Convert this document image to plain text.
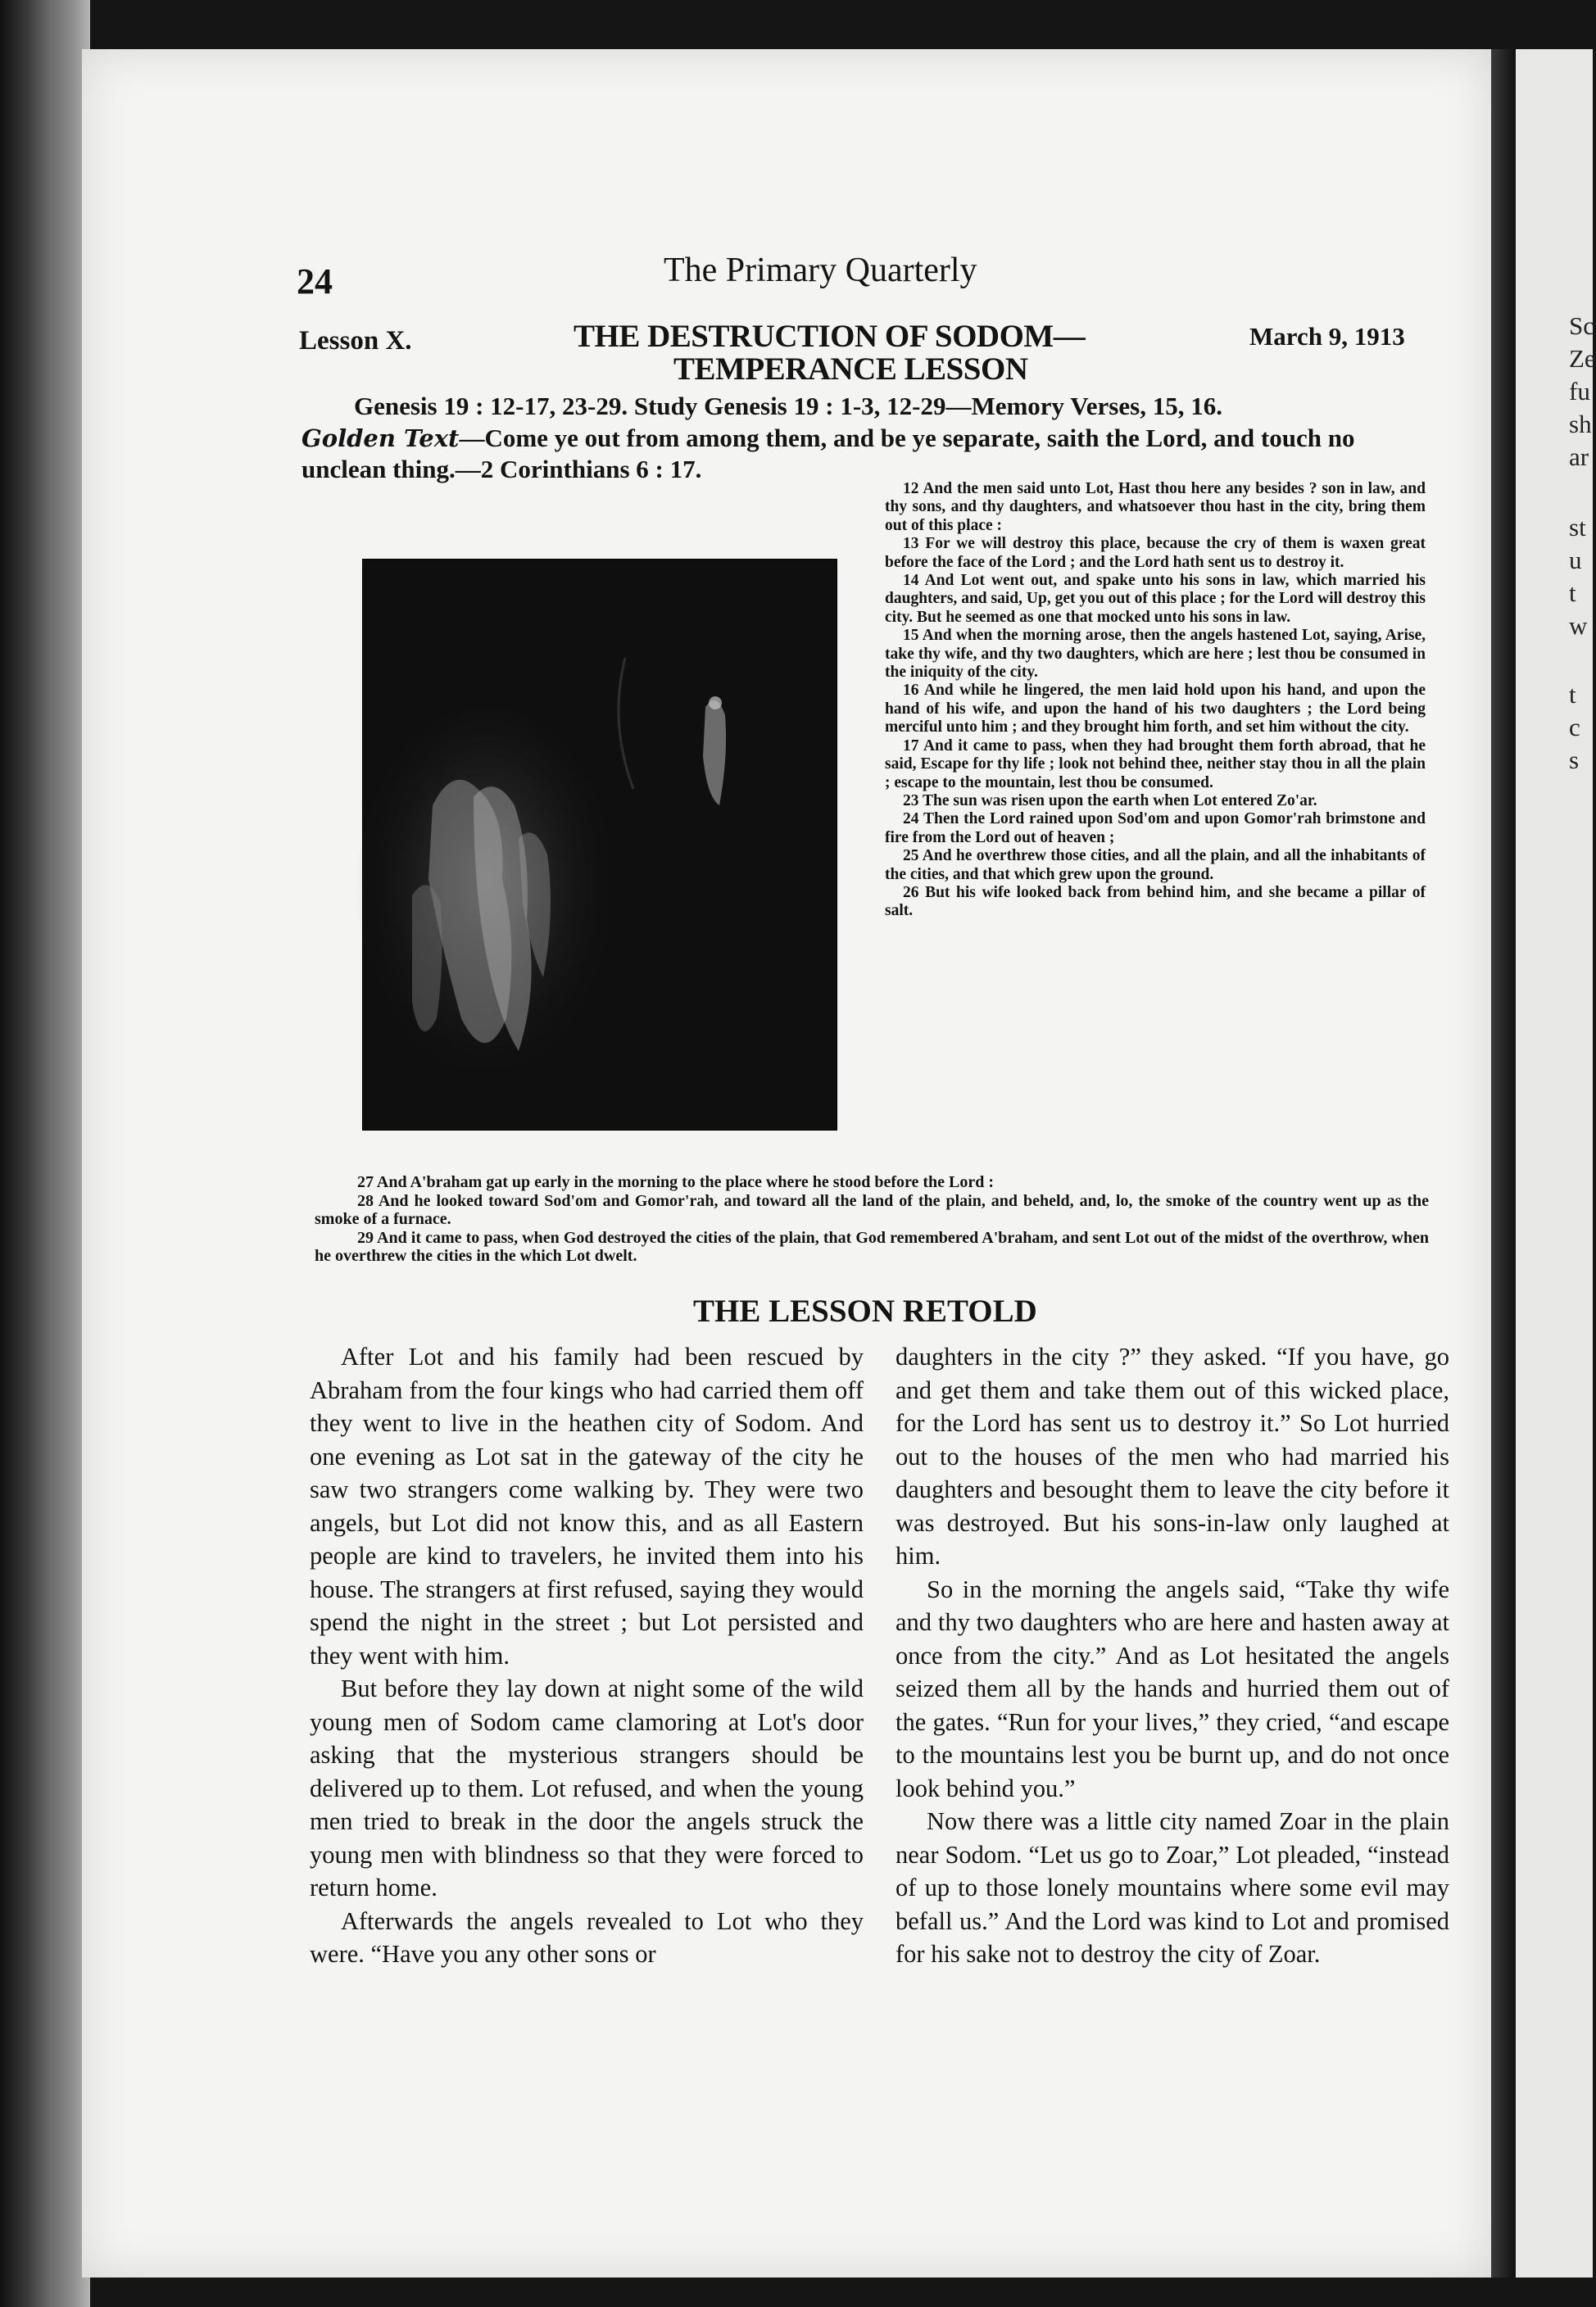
Sc
Ze
fu
sh
ar
st
u
t
w
t
c
s
24	The Primary Quarterly
Lesson X.	THE DESTRUCTION OF SODOM—
TEMPERANCE LESSON
March 9, 1913
Genesis 19 : 12-17, 23-29. Study Genesis 19 : 1-3, 12-29—Memory Verses, 15, 16.
Golden Text—Come ye out from among them, and be ye separate, saith the Lord, and touch no unclean thing.—2 Corinthians 6 : 17.

12 And the men said unto Lot, Hast thou here any besides ? son in law, and thy sons, and thy daughters, and whatsoever thou hast in the city, bring them out of this place :

13 For we will destroy this place, because the cry of them is waxen great before the face of the Lord ; and the Lord hath sent us to destroy it.

14 And Lot went out, and spake unto his sons in law, which married his daughters, and said, Up, get you out of this place ; for the Lord will destroy this city. But he seemed as one that mocked unto his sons in law.

15 And when the morning arose, then the angels hastened Lot, saying, Arise, take thy wife, and thy two daughters, which are here ; lest thou be consumed in the iniquity of the city.

16 And while he lingered, the men laid hold upon his hand, and upon the hand of his wife, and upon the hand of his two daughters ; the Lord being merciful unto him ; and they brought him forth, and set him without the city.

17 And it came to pass, when they had brought them forth abroad, that he said, Escape for thy life ; look not behind thee, neither stay thou in all the plain ; escape to the mountain, lest thou be consumed.

23 The sun was risen upon the earth when Lot entered Zo'ar.

24 Then the Lord rained upon Sod'om and upon Gomor'rah brimstone and fire from the Lord out of heaven ;

25 And he overthrew those cities, and all the plain, and all the inhabitants of the cities, and that which grew upon the ground.

26 But his wife looked back from behind him, and she became a pillar of salt.

27 And A'braham gat up early in the morning to the place where he stood before the Lord :

28 And he looked toward Sod'om and Gomor'rah, and toward all the land of the plain, and beheld, and, lo, the smoke of the country went up as the smoke of a furnace.

29 And it came to pass, when God destroyed the cities of the plain, that God remembered A'braham, and sent Lot out of the midst of the overthrow, when he overthrew the cities in the which Lot dwelt.

THE LESSON RETOLD

After Lot and his family had been rescued by Abraham from the four kings who had carried them off they went to live in the heathen city of Sodom. And one evening as Lot sat in the gateway of the city he saw two strangers come walking by. They were two angels, but Lot did not know this, and as all Eastern people are kind to travelers, he invited them into his house. The strangers at first refused, saying they would spend the night in the street ; but Lot persisted and they went with him.

But before they lay down at night some of the wild young men of Sodom came clamoring at Lot's door asking that the mysterious strangers should be delivered up to them. Lot refused, and when the young men tried to break in the door the angels struck the young men with blindness so that they were forced to return home.

Afterwards the angels revealed to Lot who they were. “Have you any other sons or

daughters in the city ?” they asked. “If you have, go and get them and take them out of this wicked place, for the Lord has sent us to destroy it.” So Lot hurried out to the houses of the men who had married his daughters and besought them to leave the city before it was destroyed. But his sons-in-law only laughed at him.

So in the morning the angels said, “Take thy wife and thy two daughters who are here and hasten away at once from the city.” And as Lot hesitated the angels seized them all by the hands and hurried them out of the gates. “Run for your lives,” they cried, “and escape to the mountains lest you be burnt up, and do not once look behind you.”

Now there was a little city named Zoar in the plain near Sodom. “Let us go to Zoar,” Lot pleaded, “instead of up to those lonely mountains where some evil may befall us.” And the Lord was kind to Lot and promised for his sake not to destroy the city of Zoar.
